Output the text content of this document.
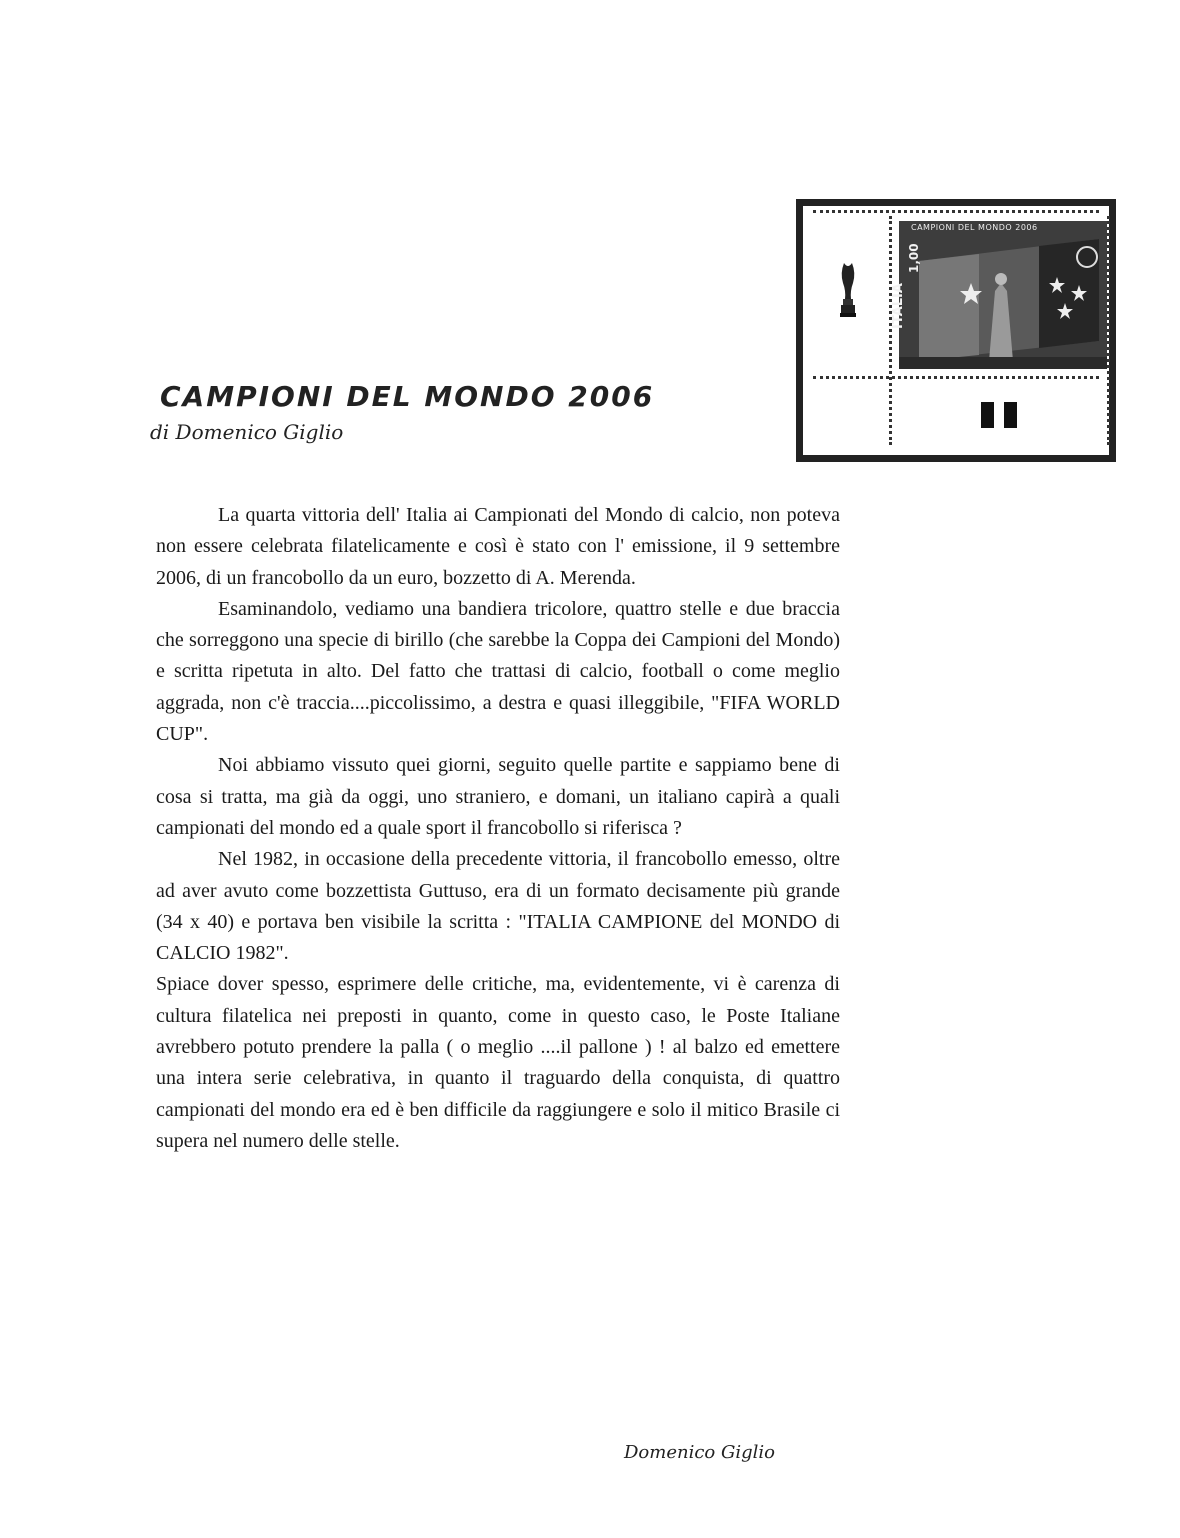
CAMPIONI DEL MONDO 2006

di Domenico Giglio

CAMPIONI DEL MONDO 2006

1,00

ITALIA

La quarta vittoria dell' Italia ai Campionati del Mondo di calcio, non poteva non essere celebrata filatelicamente e così è stato con l' emissione, il 9 settembre 2006, di un francobollo da un euro, bozzetto di A. Merenda.

Esaminandolo, vediamo una bandiera tricolore, quattro stelle e due braccia che sorreggono una specie di birillo (che sarebbe la Coppa dei Campioni del Mondo) e scritta ripetuta in alto. Del fatto che trattasi di calcio, football o come meglio aggrada, non c'è traccia....piccolissimo, a destra e quasi illeggibile, "FIFA WORLD CUP".

Noi abbiamo vissuto quei giorni, seguito quelle partite e sappiamo bene di cosa si tratta, ma già da oggi, uno straniero, e domani, un italiano capirà a quali campionati del mondo ed a quale sport il francobollo si riferisca ?

Nel 1982, in occasione della precedente vittoria, il francobollo emesso, oltre ad aver avuto come bozzettista Guttuso, era di un formato decisamente più grande (34 x 40) e portava ben visibile la scritta : "ITALIA CAMPIONE del MONDO di CALCIO 1982".

Spiace dover spesso, esprimere delle critiche, ma, evidentemente, vi è carenza di cultura filatelica nei preposti in quanto, come in questo caso, le Poste Italiane avrebbero potuto prendere la palla ( o meglio ....il pallone ) ! al balzo ed emettere una intera serie celebrativa, in quanto il traguardo della conquista, di quattro campionati del mondo era ed è ben difficile da raggiungere e solo il mitico Brasile ci supera nel numero delle stelle.

Domenico Giglio
